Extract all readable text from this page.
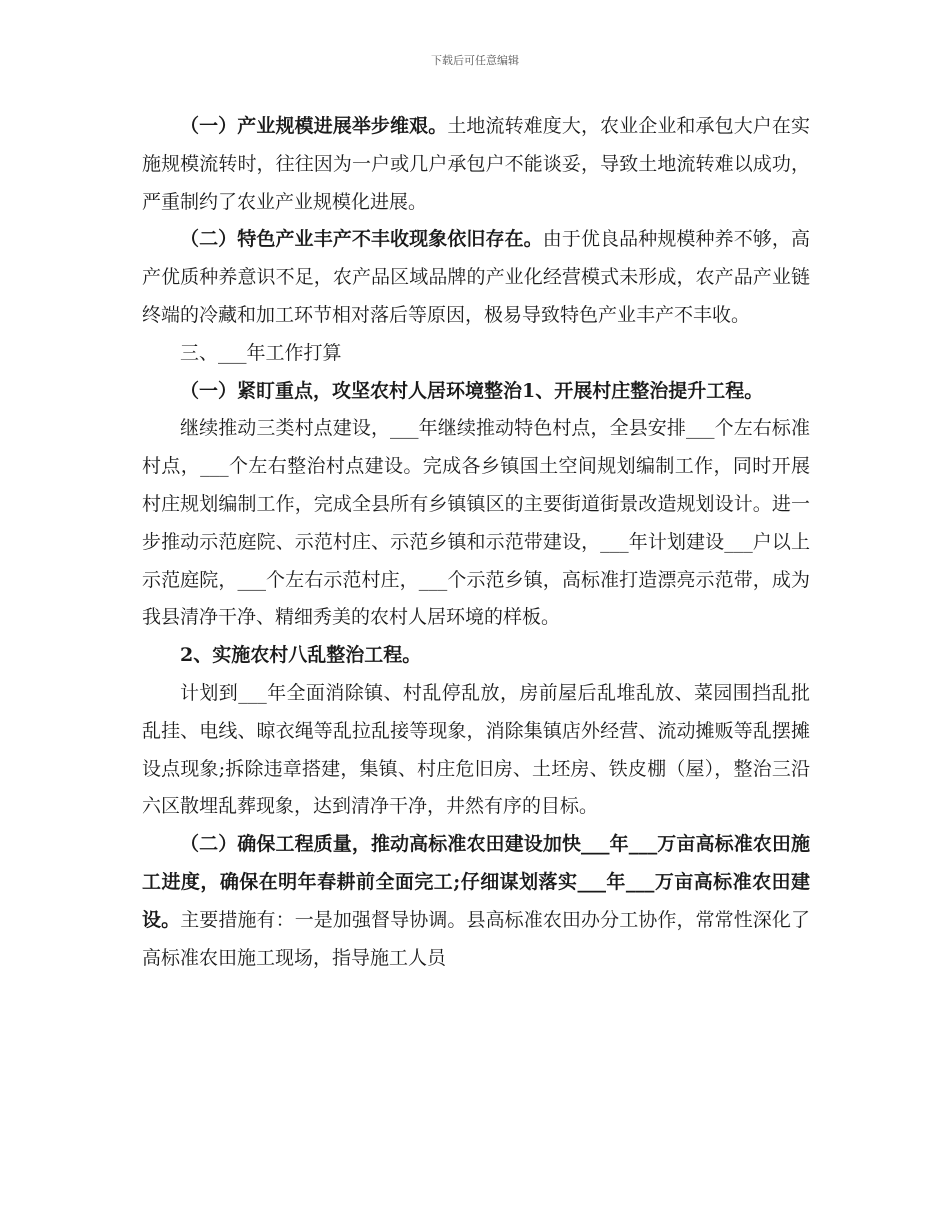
下载后可任意编辑

（一）产业规模进展举步维艰。土地流转难度大，农业企业和承包大户在实施规模流转时，往往因为一户或几户承包户不能谈妥，导致土地流转难以成功，严重制约了农业产业规模化进展。

（二）特色产业丰产不丰收现象依旧存在。由于优良品种规模种养不够，高产优质种养意识不足，农产品区域品牌的产业化经营模式未形成，农产品产业链终端的冷藏和加工环节相对落后等原因，极易导致特色产业丰产不丰收。

三、___年工作打算

（一）紧盯重点，攻坚农村人居环境整治1、开展村庄整治提升工程。

继续推动三类村点建设，___年继续推动特色村点，全县安排___个左右标准村点，___个左右整治村点建设。完成各乡镇国土空间规划编制工作，同时开展村庄规划编制工作，完成全县所有乡镇镇区的主要街道街景改造规划设计。进一步推动示范庭院、示范村庄、示范乡镇和示范带建设，___年计划建设___户以上示范庭院，___个左右示范村庄，___个示范乡镇，高标准打造漂亮示范带，成为我县清净干净、精细秀美的农村人居环境的样板。

2、实施农村八乱整治工程。

计划到___年全面消除镇、村乱停乱放，房前屋后乱堆乱放、菜园围挡乱批乱挂、电线、晾衣绳等乱拉乱接等现象，消除集镇店外经营、流动摊贩等乱摆摊设点现象;拆除违章搭建，集镇、村庄危旧房、土坯房、铁皮棚（屋），整治三沿六区散埋乱葬现象，达到清净干净，井然有序的目标。

（二）确保工程质量，推动高标准农田建设加快___年___万亩高标准农田施工进度，确保在明年春耕前全面完工;仔细谋划落实___年___万亩高标准农田建设。主要措施有：一是加强督导协调。县高标准农田办分工协作，常常性深化了高标准农田施工现场，指导施工人员
